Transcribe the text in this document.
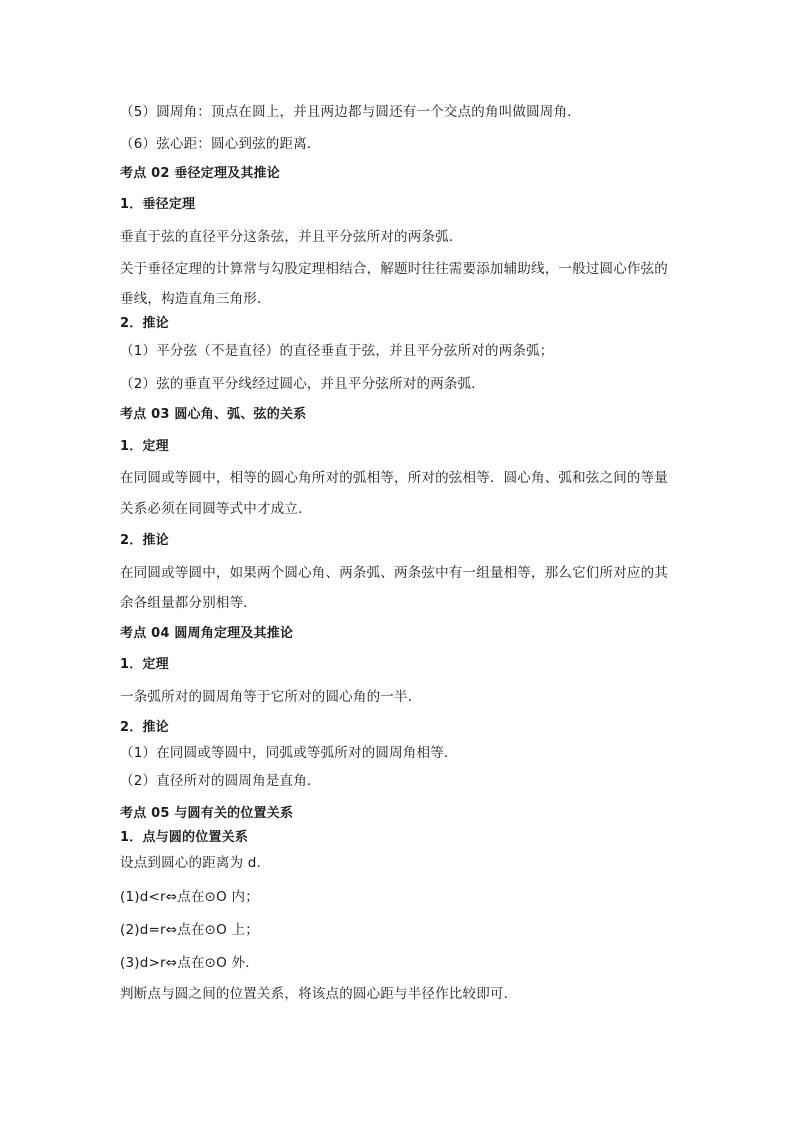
（5）圆周角：顶点在圆上，并且两边都与圆还有一个交点的角叫做圆周角．
（6）弦心距：圆心到弦的距离．
考点 02 垂径定理及其推论
1．垂径定理
垂直于弦的直径平分这条弦，并且平分弦所对的两条弧．
关于垂径定理的计算常与勾股定理相结合，解题时往往需要添加辅助线，一般过圆心作弦的
垂线，构造直角三角形．
2．推论
（1）平分弦（不是直径）的直径垂直于弦，并且平分弦所对的两条弧；
（2）弦的垂直平分线经过圆心，并且平分弦所对的两条弧．
考点 03 圆心角、弧、弦的关系
1．定理
在同圆或等圆中，相等的圆心角所对的弧相等，所对的弦相等．圆心角、弧和弦之间的等量
关系必须在同圆等式中才成立．
2．推论
在同圆或等圆中，如果两个圆心角、两条弧、两条弦中有一组量相等，那么它们所对应的其
余各组量都分别相等．
考点 04 圆周角定理及其推论
1．定理
一条弧所对的圆周角等于它所对的圆心角的一半．
2．推论
（1）在同圆或等圆中，同弧或等弧所对的圆周角相等．
（2）直径所对的圆周角是直角．
考点 05 与圆有关的位置关系
1．点与圆的位置关系
设点到圆心的距离为 d．
(1)d<r⇔点在⊙O 内；
(2)d=r⇔点在⊙O 上；
(3)d>r⇔点在⊙O 外．
判断点与圆之间的位置关系，将该点的圆心距与半径作比较即可．
